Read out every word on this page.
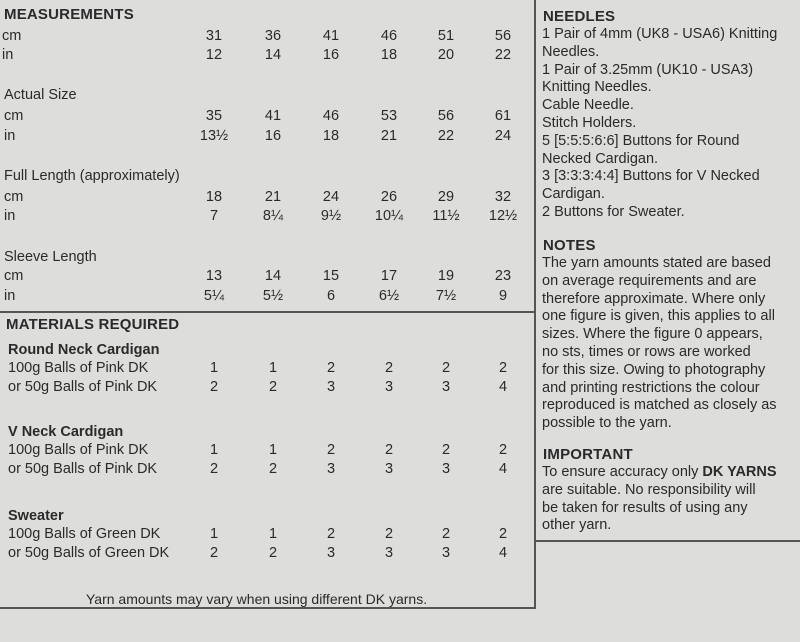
MEASUREMENTS
cm	31	36	41	46	51	56
in	12	14	16	18	20	22
Actual Size
cm	35	41	46	53	56	61
in	13½	16	18	21	22	24
Full Length (approximately)
cm	18	21	24	26	29	32
in	7	8¼	9½	10¼	11½	12½
Sleeve Length
cm	13	14	15	17	19	23
in	5¼	5½	6	6½	7½	9
MATERIALS REQUIRED
Round Neck Cardigan
100g Balls of Pink DK	1	1	2	2	2	2
or 50g Balls of Pink DK	2	2	3	3	3	4
V Neck Cardigan
100g Balls of Pink DK	1	1	2	2	2	2
or 50g Balls of Pink DK	2	2	3	3	3	4
Sweater
100g Balls of Green DK	1	1	2	2	2	2
or 50g Balls of Green DK	2	2	3	3	3	4
Yarn amounts may vary when using different DK yarns.
NEEDLES
1 Pair of 4mm (UK8 - USA6) Knitting
Needles.
1 Pair of 3.25mm (UK10 - USA3)
Knitting Needles.
Cable Needle.
Stitch Holders.
5 [5:5:5:6:6] Buttons for Round
Necked Cardigan.
3 [3:3:3:4:4] Buttons for V Necked
Cardigan.
2 Buttons for Sweater.
NOTES
The yarn amounts stated are based
on average requirements and are
therefore approximate. Where only
one figure is given, this applies to all
sizes. Where the figure 0 appears,
no sts, times or rows are worked
for this size. Owing to photography
and printing restrictions the colour
reproduced is matched as closely as
possible to the yarn.
IMPORTANT
To ensure accuracy only DK YARNS
are suitable. No responsibility will
be taken for results of using any
other yarn.
